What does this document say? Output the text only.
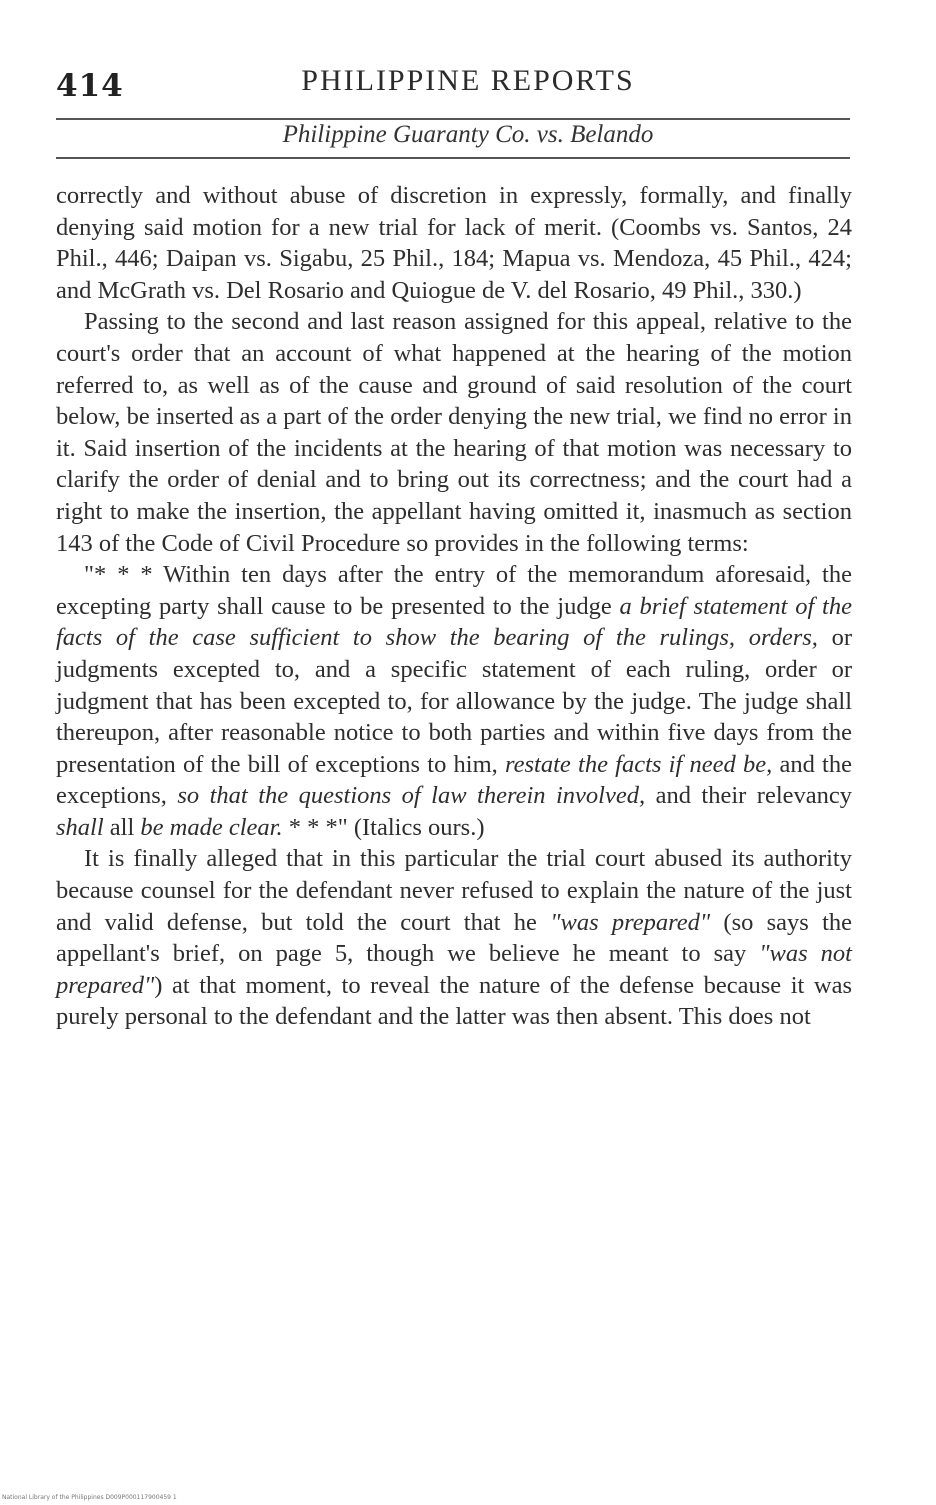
414	PHILIPPINE REPORTS
Philippine Guaranty Co. vs. Belando

correctly and without abuse of discretion in expressly, formally, and finally denying said motion for a new trial for lack of merit. (Coombs vs. Santos, 24 Phil., 446; Daipan vs. Sigabu, 25 Phil., 184; Mapua vs. Mendoza, 45 Phil., 424; and McGrath vs. Del Rosario and Quiogue de V. del Rosario, 49 Phil., 330.)

Passing to the second and last reason assigned for this appeal, relative to the court's order that an account of what happened at the hearing of the motion referred to, as well as of the cause and ground of said resolution of the court below, be inserted as a part of the order denying the new trial, we find no error in it. Said insertion of the incidents at the hearing of that motion was necessary to clarify the order of denial and to bring out its correctness; and the court had a right to make the insertion, the appellant having omitted it, inasmuch as section 143 of the Code of Civil Procedure so provides in the following terms:

"* * * Within ten days after the entry of the memorandum aforesaid, the excepting party shall cause to be presented to the judge a brief statement of the facts of the case sufficient to show the bearing of the rulings, orders, or judgments excepted to, and a specific statement of each ruling, order or judgment that has been excepted to, for allowance by the judge. The judge shall thereupon, after reasonable notice to both parties and within five days from the presentation of the bill of exceptions to him, restate the facts if need be, and the exceptions, so that the questions of law therein involved, and their relevancy shall all be made clear. * * *" (Italics ours.)

It is finally alleged that in this particular the trial court abused its authority because counsel for the defendant never refused to explain the nature of the just and valid defense, but told the court that he "was prepared" (so says the appellant's brief, on page 5, though we believe he meant to say "was not prepared") at that moment, to reveal the nature of the defense because it was purely personal to the defendant and the latter was then absent. This does not

National Library of the Philippines D009P000117900459 1
